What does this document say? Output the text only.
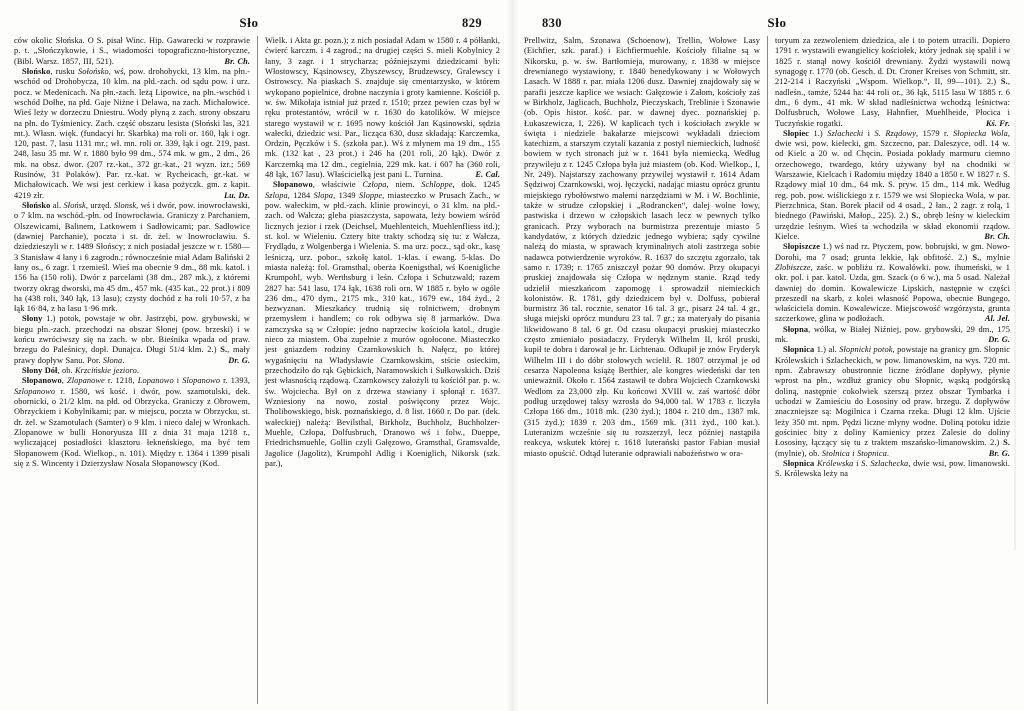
Sło	829

ców okolic Słońska. O S. pisał Winc. Hip. Gawarecki w rozprawie p. t. „Słończykowie, i S., wiadomości topograficzno-historyczne, (Bibl. Warsz. 1857, III, 521).	Br. Ch.

Słońsko, rusku Sołońsko, wś, pow. drohobycki, 13 klm. na płn.-wschód od Drohobycza, 10 klm. na płd.-zach. od sądu pow. i urz. pocz. w Medenicach. Na płn.-zach. leżą Lipowice, na płn.-wschód i wschód Dołhe, na płd. Gaje Niżne i Delawa, na zach. Michałowice. Wieś leży w dorzeczu Dniestru. Wody płyną z zach. strony obszaru na płn. do Tyśmienicy. Zach. część obszaru lesista (Słoński las, 321 mt.). Własn. więk. (fundacyi hr. Skarbka) ma roli or. 160, łąk i ogr. 120, past. 7, lasu 1131 mr.; wł. mn. roli or. 339, łąk i ogr. 219, past. 248, lasu 35 mr. W r. 1880 było 99 dm., 574 mk. w gm., 2 dm., 26 mk. na obsz. dwor. (207 rz.-kat., 372 gr.-kat., 21 wyzn. izr.; 569 Rusinów, 31 Polaków). Par. rz.-kat. w Rycheicach, gr.-kat. w Michałowicach. We wsi jest cerkiew i kasa pożyczk. gm. z kapit. 4219 złr.	Lu. Dz.

Słońsko al. Słońsk, urzęd. Slonsk, wś i dwór, pow. inowrocławski, o 7 klm. na wschód.-płn. od Inowrocławia. Graniczy z Parchaniem, Olszewicami, Balinem, Latkowem i Sadłowicami; par. Sadłowice (dawniej Parchanie), poczta i st. dr. żel. w Inowrocławiu. S. dziedzieszyli w r. 1489 Słońscy; z nich posiadał jeszcze w r. 1580—3 Stanisław 4 łany i 6 zagrodn.; równocześnie miał Adam Baliński 2 łany os., 6 zagr. 1 rzemieśl. Wieś ma obecnie 9 dm., 88 mk. katol. i 156 ha (150 roli). Dwór z parcelami (38 dm., 287 mk.), z któremi tworzy okrąg dworski, ma 45 dm., 457 mk. (435 kat., 22 prot.) i 809 ha (438 roli, 340 łąk, 13 lasu); czysty dochód z ha roli 10·57, z ha łąk 16·84, z ha lasu 1·96 mrk.

Słony 1.) potok, powstaje w obr. Jastrzębi, pow. grybowski, w biegu płn.-zach. przechodzi na obszar Słonej (pow. brzeski) i w końcu zwróciwszy się na zach. w obr. Bieśnika wpada od praw. brzegu do Paleśnicy, dopł. Dunajca. Długi 51/4 klm. 2.) S., mały prawy dopływ Sanu. Por. Słona.	Dr. G.

Słony Dół, ob. Krzcińskie jezioro.

Słopanowo, Zlopanowe r. 1218, Lopanowo i Slopanowo r. 1393, Szlopanowo r. 1580, wś kość. i dwór, pow. szamotulski, dek. obornicki, o 21/2 klm. na płd. od Obrzycka. Graniczy z Obrowem, Obrzyckiem i Kobylnikami; par. w miejscu, poczta w Obrzycku, st. dr. żel. w Szamotułach (Samter) o 9 klm. i nieco dalej w Wronkach. Zlopanowe w bulli Honoryusza III z dnia 31 maja 1218 r., wyliczającej posiadłości klasztoru łekneńskiego, ma być tem Słopanowem (Kod. Wielkop., n. 101). Między r. 1364 i 1399 pisali się z S. Wincenty i Dzierzysław Nosala Słopanowscy (Kod.

Wielk. i Akta gr. pozn.); z nich posiadał Adam w 1580 r. 4 półłanki, ćwierć karczm. i 4 zagrod.; na drugiej części S. mieli Kobylnicy 2 łany, 3 zagr. i 1 strycharza; późniejszymi dziedzicami byli: Włostowscy, Kąsinowscy, Zbyszewscy, Brudzewscy, Gralewscy i Ostrowscy. Na piaskach S. znajduje się cmentarzysko, w którem wykopano popielnice, drobne naczynia i groty kamienne. Kościół p. w. św. Mikołaja istniał już przed r. 1510; przez pewien czas był w ręku protestantów, wrócił w r. 1630 do katolików. W miejsce starego wystawił w r. 1695 nowy kościół Jan Kąsinowski, sędzia wałecki, dziedzic wsi. Par., licząca 630, dusz składają: Karczemka, Ordzin, Pęczków i S. (szkoła par.). Wś z młynem ma 19 dm., 155 mk. (132 kat , 23 prot.) i 246 ha (201 roli, 20 łąk). Dwór z Karczemką ma 12 dm., cegielnia, 229 mk. kat. i 607 ha (360 roli, 48 łąk, 167 lasu). Właścicielką jest pani L. Turnina.	E. Cal.

Słopanowo, właściwie Człopa, niem. Schloppe, dok. 1245 Szlopa, 1284 Slopa, 1349 Sloppe, miasteczko w Prusach Zach., w pow. wałeckim, w płd.-zach. klinie prowincyi, o 31 klm. na płd.-zach. od Wałcza; gleba piaszczysta, sapowata, leży bowiem wśród licznych jezior i rzek (Deichsel, Muehlenteich, Muehlenfliess itd.); st. kol. w Wieleniu. Cztery bite trakty schodzą się tu: z Wałcza, Frydlądu, z Wolgenberga i Wielenia. S. ma urz. pocz., sąd okr., kasę leśniczą, urz. pobor., szkołę katol. 1-klas. i ewang. 5-klas. Do miasta należą: fol. Gramsthal, oberża Koenigsthal, wś Koenigliche Krumpohl, wyb. Werthsburg i leśn. Człopa i Schutzwald; razem 2827 ha: 541 lasu, 174 łąk, 1638 roli orn. W 1885 r. było w ogóle 236 dm., 470 dym., 2175 mk., 310 kat., 1679 ew., 184 żyd., 2 bezwyznan. Mieszkańcy trudnią się rolnictwem, drobnym przemysłem i handlem; co rok odbywa się 8 jarmarków. Dwa zamczyska są w Człopie: jedno naprzeciw kościoła katol., drugie nieco za miastem. Oba zupełnie z murów ogołocone. Miasteczko jest gniazdem rodziny Czarnkowskich h. Nałęcz, po której wygaśnięciu na Władysławie Czarnkowskim, stście osieckim, przechodziło do rąk Gębickich, Naramowskich i Sułkowskich. Dziś jest własnością rządową. Czarnkowscy założyli tu kościół par. p. w. św. Wojciecha. Był on z drzewa stawiany i spłonął r. 1637. Wzniesiony na nowo, został poświęcony przez Wojc. Tholibowskiego, bisk. poznańskiego, d. 8 list. 1660 r. Do par. (dek. wałeckiej) należą: Bevilsthal, Birkholz, Buchholz, Buchholzer-Muehle, Człopa, Dolfusbruch, Dranowo wś i folw., Dueppe, Friedrichsmuehle, Gollin czyli Gałęzowo, Gramsthal, Gramsvalde, Jagolice (Jagolitz), Krumpohl Adlig i Koeniglich, Nikorsk (szk. par.),

830	Sło

Prellwitz, Salm, Szonawa (Schoenow), Trellin, Wołowe Lasy (Eichfier, szk. paraf.) i Eichfiermuehle. Kościoły filialne są w Nikorsku, p. w. św. Bartłomieja, murowany, r. 1838 w miejsce drewnianego wystawiony, r. 1840 benedykowany i w Wołowych Lasach. W 1888 r. par. miała 1206 dusz. Dawniej znajdowały się w parafii jeszcze kaplice we wsiach: Gałęzowie i Załom, kościoły zaś w Birkholz, Jaglicach, Buchholz, Pieczyskach, Treblinie i Szonawie (ob. Opis histor. kość. par. w dawnej dyec. poznańskiej p. Łukaszewicza, I, 226). W kaplicach tych i kościołach zwykle w święta i niedziele bakałarze miejscowi wykładali dzieciom katechizm, a starszym czytali kazania z postyl niemieckich, ludność bowiem w tych stronach już w r. 1641 była niemiecką. Według przywileju z r. 1245 Człopa była już miastem (ob. Kod. Wielkop., I, Nr. 249). Najstarszy zachowany przywilej wystawił r. 1614 Adam Sędziwoj Czarnkowski, woj. łęczycki, nadając miastu oprócz gruntu miejskiego rybołówstwo małemi narzędziami w M. i W. Bochlinie, także w strudze człopskiej i „Rodrancken“, dalej wolne łowy, pastwiska i drzewo w człopskich lasach lecz w pewnych tylko granicach. Przy wyborach na burmistrza prezentuje miasto 5 kandydatów, z których dziedzic jednego wybiera; sądy cywilne należą do miasta, w sprawach kryminalnych atoli zastrzega sobie nadawca potwierdzenie wyroków. R. 1637 do szczętu zgorzało, tak samo r. 1739; r. 1765 zniszczył pożar 90 domów. Przy okupacyi pruskiej znajdowała się Człopa w nędznym stanie. Rząd tedy udzielił mieszkańcom zapomogę i sprowadził niemieckich kolonistów. R. 1781, gdy dziedzicem był v. Dolfuss, pobierał burmistrz 36 tal. rocznie, senator 16 tal. 3 gr., pisarz 24 tal. 4 gr., sługa miejski oprócz munduru 23 tal. 7 gr.; za materyały do pisania likwidowano 8 tal. 6 gr. Od czasu okupacyi pruskiej miasteczko często zmieniało posiadaczy. Fryderyk Wilhelm II, król pruski, kupił te dobra i darował je hr. Lichtenau. Odkupił je znów Fryderyk Wilhelm III i do dóbr stołowych wcielił. R. 1807 otrzymał je od cesarza Napoleona książę Berthier, ale kongres wiedeński dar ten unieważnił. Około r. 1564 zastawił te dobra Wojciech Czarnkowski Wedlom za 23,000 złp. Ku końcowi XVIII w. zaś wartość dóbr podług urzędowej taksy wzrosła do 94,000 tal. W 1783 r. liczyła Człopa 166 dm., 1018 mk. (230 żyd.); 1804 r. 210 dm., 1387 mk. (315 żyd.); 1839 r. 203 dm., 1569 mk. (311 żyd., 100 kat.). Luteranizm wcześnie się tu rozszerzył, lecz później nastąpiła reakcya, wskutek której r. 1618 luterański pastor Fabian musiał miasto opuścić. Odtąd luteranie odprawiali nabożeństwo w ora-

toryum za zezwoleniem dziedzica, ale i to potem utracili. Dopiero 1791 r. wystawili ewangielicy kościołek, który jednak się spalił i w 1825 r. stanął nowy kościół drewniany. Żydzi wystawili nową synagogę r. 1770 (ob. Gesch. d. Dt. Croner Kreises von Schmitt, str. 212-214 i Raczyński „Wspom. Wielkop.“, II, 99—101). 2.) S., nadleśn., tamże, 5244 ha: 44 roli or., 36 łąk, 5115 lasu W 1885 r. 6 dm., 6 dym., 41 mk. W skład nadleśnictwa wchodzą leśnictwa: Dolfusbruch, Wołowe Lasy, Hahnfier, Muehlheide, Płocica i Tuczyńskie rogatki.	Kś. Fr.

Słopiec 1.) Szlachecki i S. Rządowy, 1579 r. Słopiecka Wola, dwie wsi, pow. kielecki, gm. Szczecno, par. Daleszyce, odl. 14 w. od Kielc a 20 w. od Chęcin. Posiada pokłady marmuru ciemno orzechowego, twardego, który używany był na chodniki w Warszawie, Kielcach i Radomiu między 1840 a 1850 r. W 1827 r. S. Rządowy miał 10 dm., 64 mk. S. pryw. 15 dm., 114 mk. Według reg. pob. pow. wiślickiego z r. 1579 we wsi Słopiecka Wola, w par. Pierzchnica, Stan. Borek płacił od 4 osad., 2 łan., 2 zagr. z rolą, 1 biednego (Pawiński, Małop., 225). 2.) S., obręb leśny w kieleckim urzędzie leśnym. Wieś ta wchodziła w skład ekonomii rządow. Kielce.	Br. Ch.

Słopiszcze 1.) wś nad rz. Ptyczem, pow. bobrujski, w gm. Nowo-Dorohi, ma 7 osad; grunta lekkie, łąk obfitość. 2.) S., mylnie Zlobiszcze, zaśc. w pobliżu rz. Kowalówki. pow. ihumeński, w 1 okr. pol. i par. katol. Uzda, gm. Szack (o 6 w.), ma 5 osad. Należał dawniej do domin. Kowalewicze Lipskich, następnie w części przeszedł na skarb, z kolei własność Popowa, obecnie Bungego, właściciela domin. Kowalewicze. Miejscowość wzgórzysta, grunta szczerkowe, glina w podłożach.	Al. Jel.

Słopna, wólka, w Białej Niźniej, pow. grybowski, 29 dm., 175 mk.	Dr. G.

Słopnica 1.) al. Słopnicki potok, powstaje na granicy gm. Słopnic Królewskich i Szlacheckich, w pow. limanowskim, na wys. 720 mt. npm. Zabrawszy obustronnie liczne źródlane dopływy, płynie wprost na płn., wzdłuż granicy obu Słopnic, wąską podgórską doliną, następnie cokolwiek szerszą przez obszar Tymbarka i uchodzi w Zamieściu do Łososiny od praw. brzegu. Z dopływów znaczniejsze są: Mogilnica i Czarna rzeka. Długi 12 klm. Ujście leży 350 mt. npm. Pędzi liczne młyny wodne. Doliną potoku idzie gościniec bity z doliny Kamienicy przez Zalesie do doliny Łososiny, łączący się tu z traktem mszańsko-limanowskim. 2.) S. (mylnie), ob. Stolnica i Stopnica.	Br. G.

Słopnica Królewska i S. Szlachecka, dwie wsi, pow. limanowski. S. Królewska leży na
